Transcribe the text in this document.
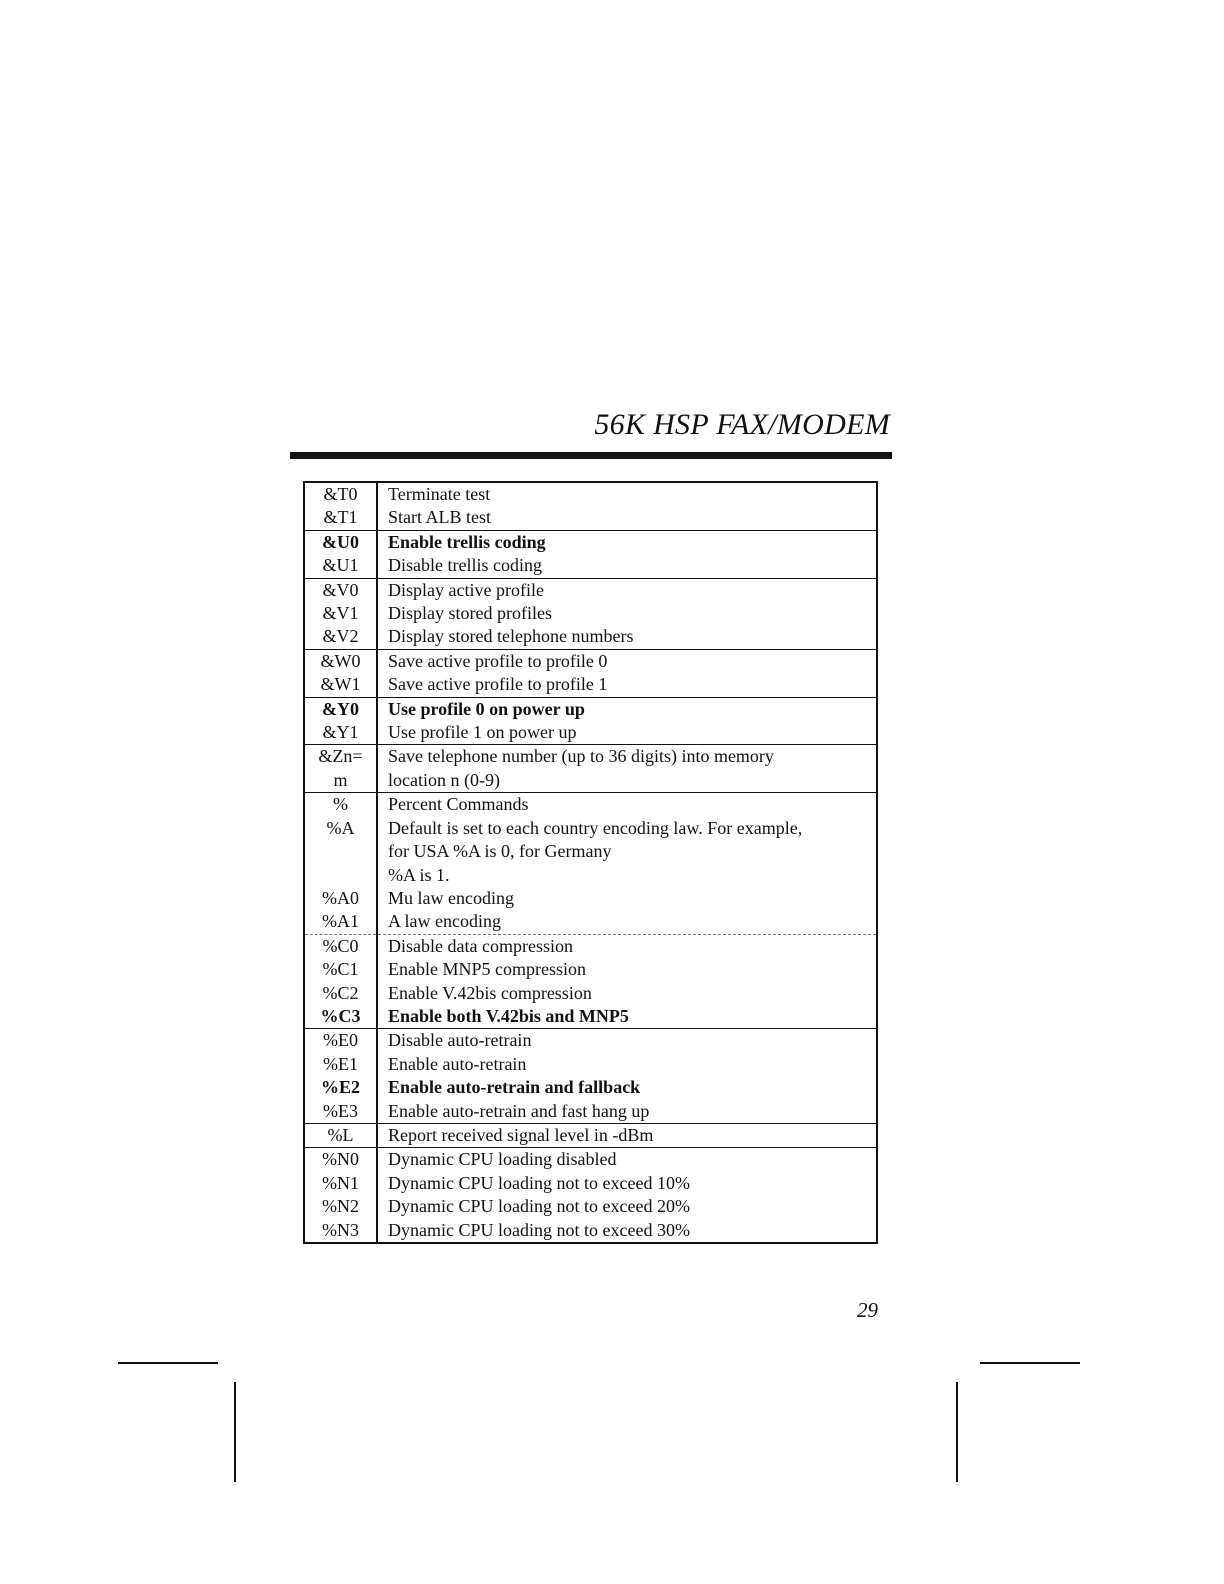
56K HSP FAX/MODEM
&T0	Terminate test
&T1	Start ALB test
&U0	Enable trellis coding
&U1	Disable trellis coding
&V0	Display active profile
&V1	Display stored profiles
&V2	Display stored telephone numbers
&W0	Save active profile to profile 0
&W1	Save active profile to profile 1
&Y0	Use profile 0 on power up
&Y1	Use profile 1 on power up
&Zn=	Save telephone number (up to 36 digits) into memory
m	location n (0-9)
%	Percent Commands
%A	Default is set to each country encoding law. For example,
	for USA %A is 0, for Germany
	%A is 1.
%A0	Mu law encoding
%A1	A law encoding
%C0	Disable data compression
%C1	Enable MNP5 compression
%C2	Enable V.42bis compression
%C3	Enable both V.42bis and MNP5
%E0	Disable auto-retrain
%E1	Enable auto-retrain
%E2	Enable auto-retrain and fallback
%E3	Enable auto-retrain and fast hang up
%L	Report received signal level in -dBm
%N0	Dynamic CPU loading disabled
%N1	Dynamic CPU loading not to exceed 10%
%N2	Dynamic CPU loading not to exceed 20%
%N3	Dynamic CPU loading not to exceed 30%
29
